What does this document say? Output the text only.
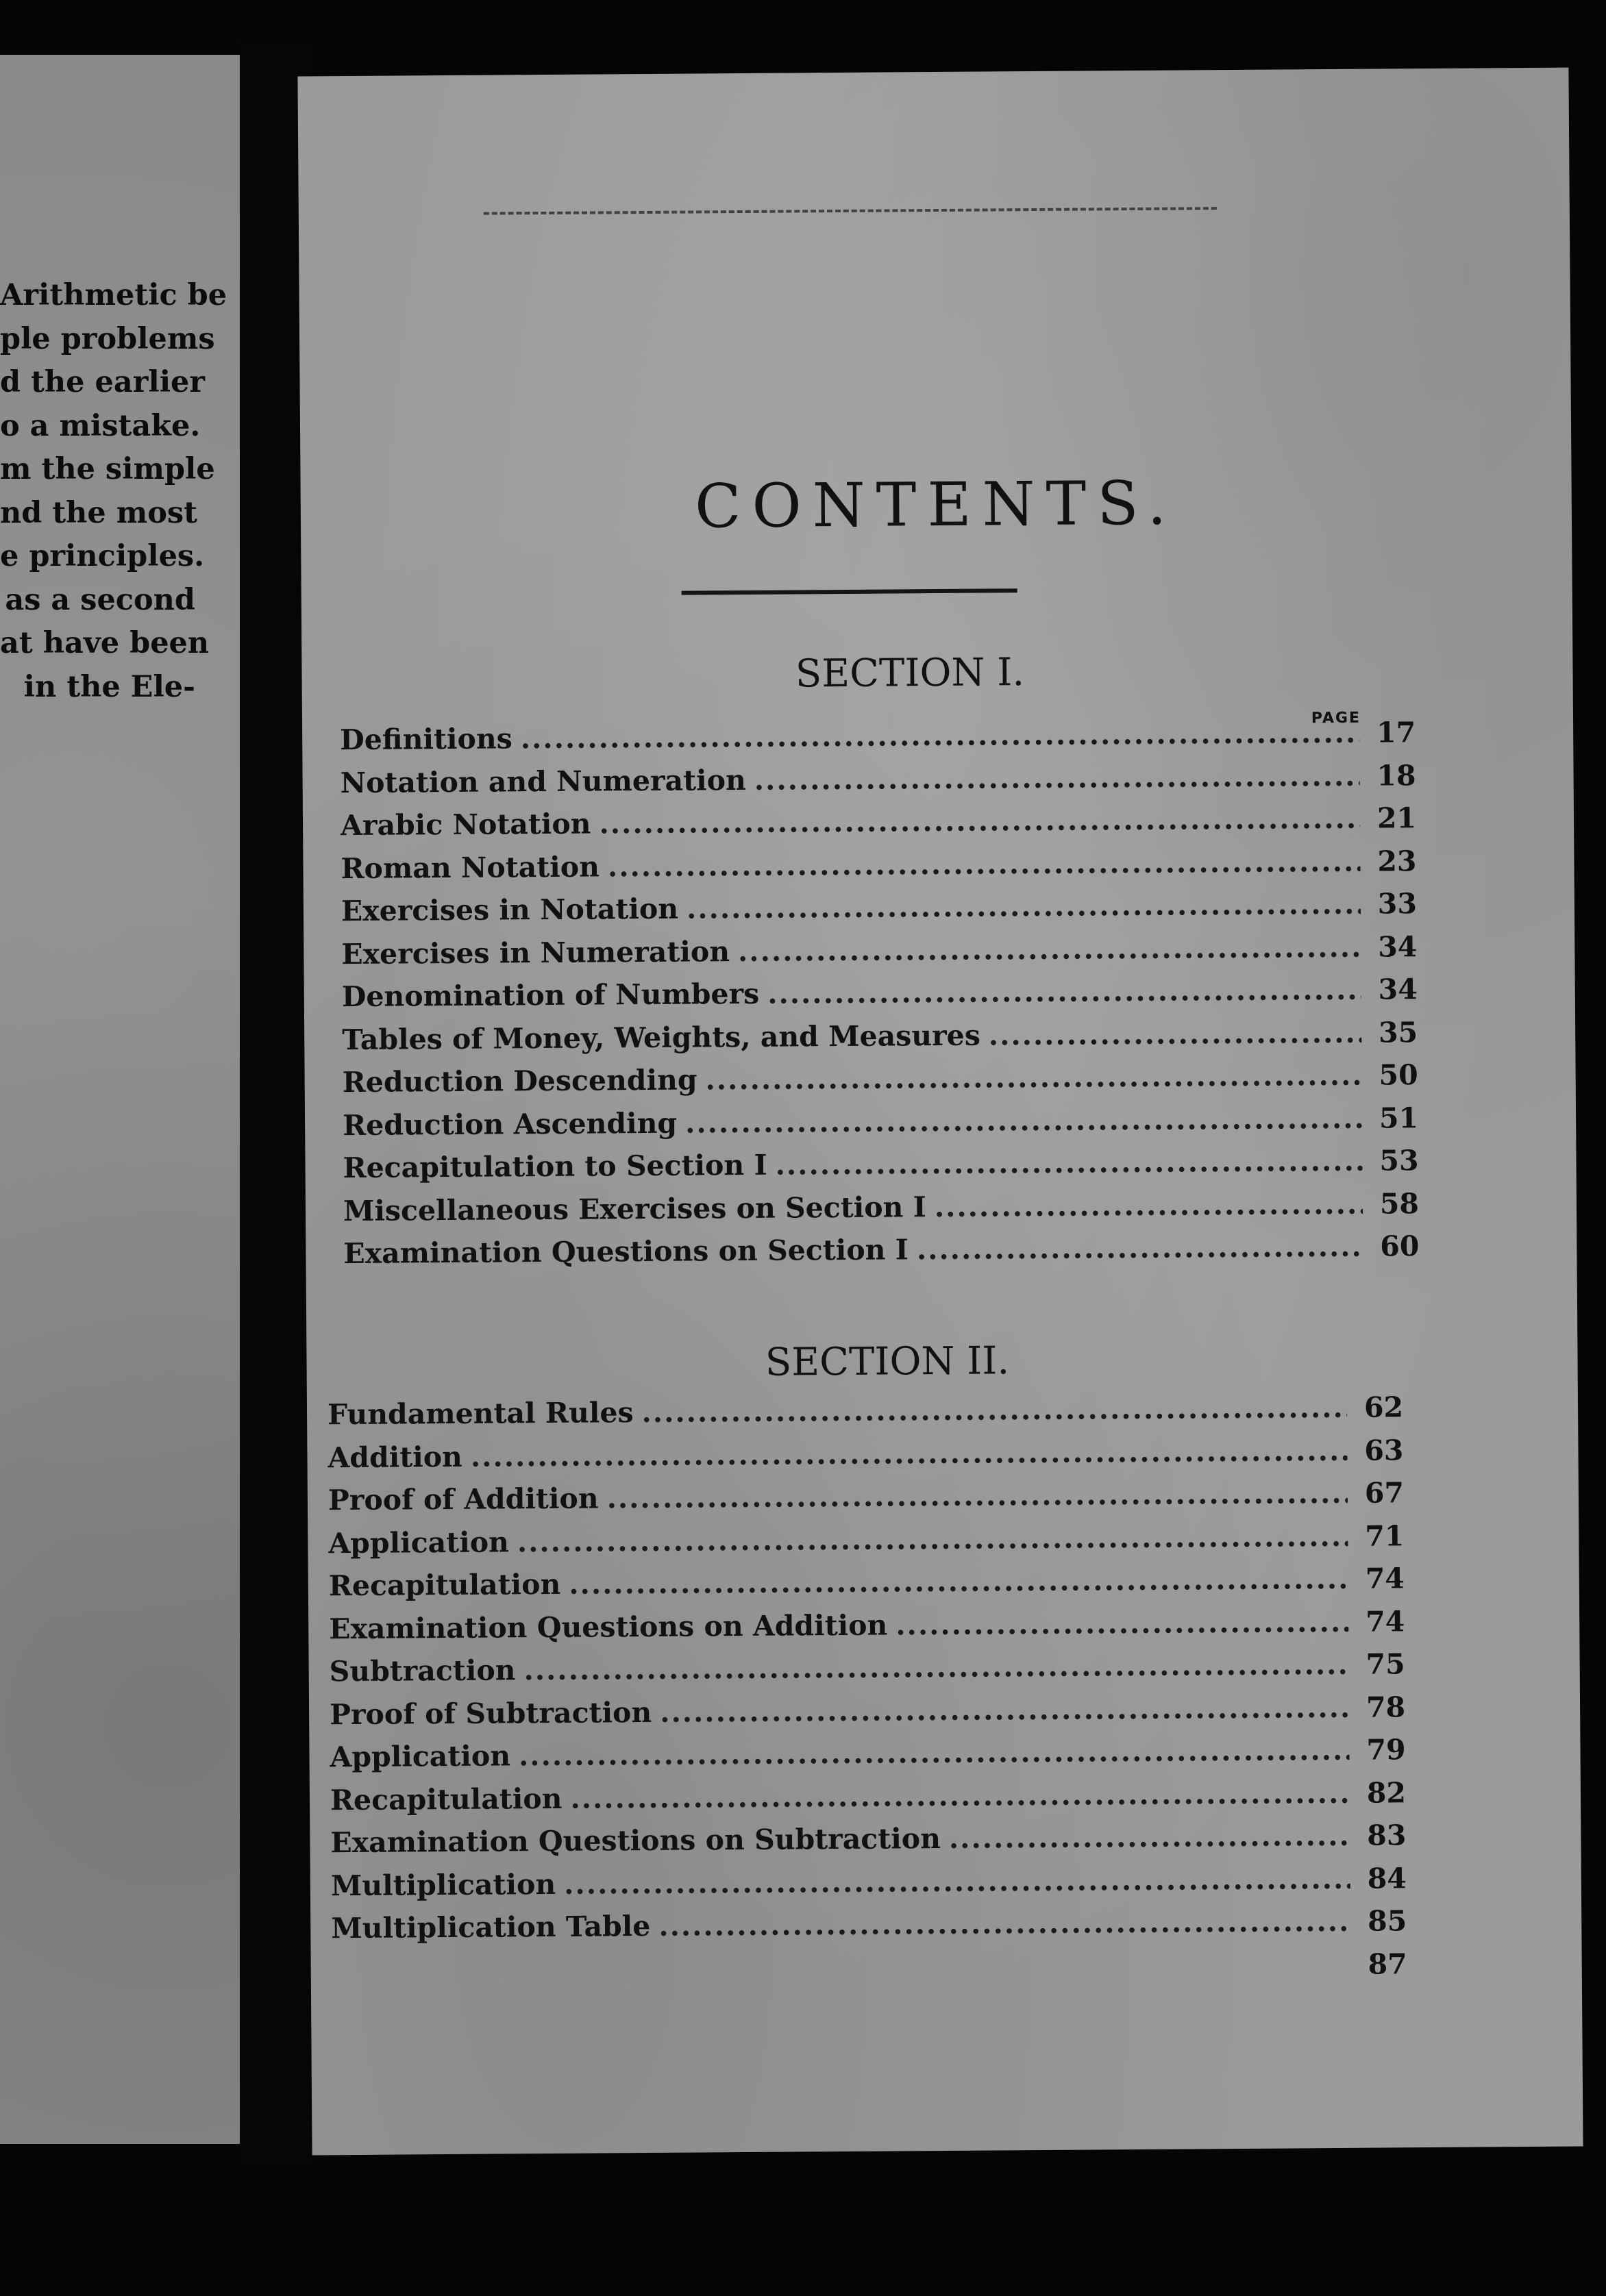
Arithmetic be
ple problems
d the earlier
o a mistake.
m the simple
nd the most
e principles.
as a second
at have been
in the Ele-
CONTENTS.
SECTION I.
PAGE
Definitions .....	17
Notation and Numeration .....	18
Arabic Notation .....	21
Roman Notation .....	23
Exercises in Notation .....	33
Exercises in Numeration .....	34
Denomination of Numbers .....	34
Tables of Money, Weights, and Measures .....	35
Reduction Descending .....	50
Reduction Ascending .....	51
Recapitulation to Section I .....	53
Miscellaneous Exercises on Section I .....	58
Examination Questions on Section I .....	60
SECTION II.
Fundamental Rules .....	62
Addition .....	63
Proof of Addition .....	67
Application .....	71
Recapitulation .....	74
Examination Questions on Addition .....	74
Subtraction .....	75
Proof of Subtraction .....	78
Application .....	79
Recapitulation .....	82
Examination Questions on Subtraction .....	83
Multiplication .....	84
Multiplication Table .....	85
87
